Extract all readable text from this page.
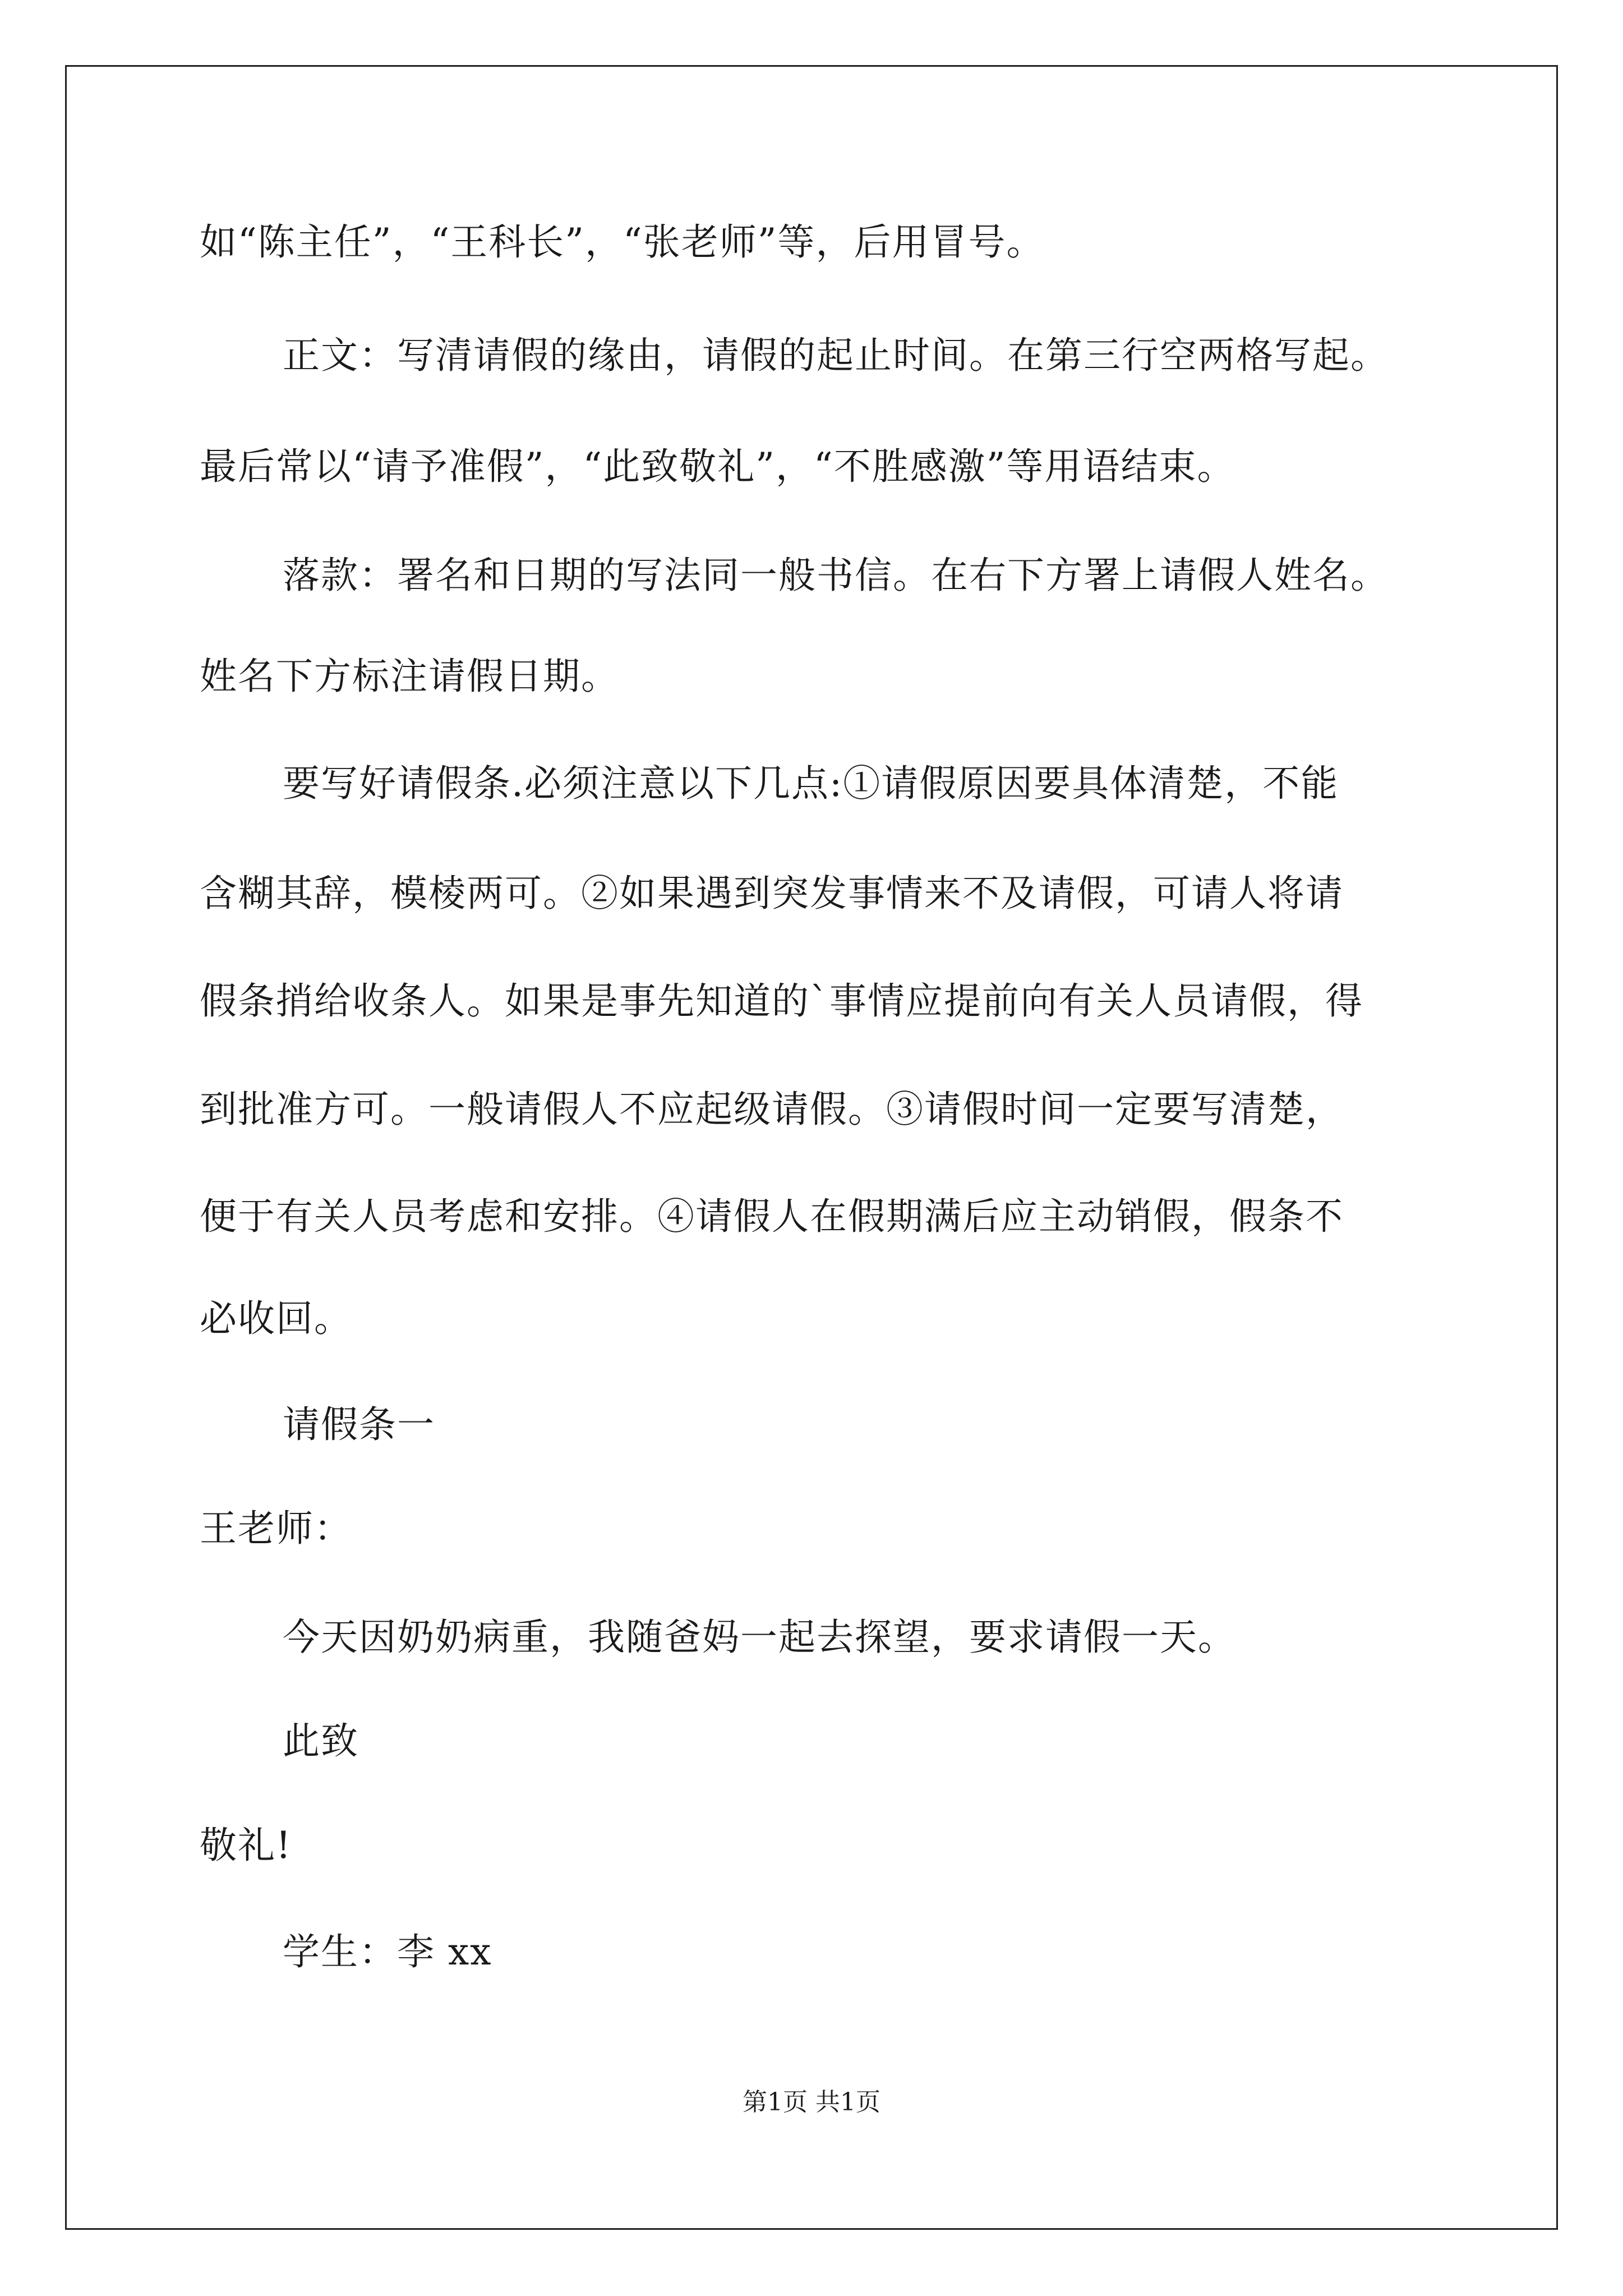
如“陈主任”，“王科长”，“张老师”等，后用冒号。
正文：写清请假的缘由，请假的起止时间。在第三行空两格写起。
最后常以“请予准假”，“此致敬礼”，“不胜感激”等用语结束。
落款：署名和日期的写法同一般书信。在右下方署上请假人姓名。
姓名下方标注请假日期。
要写好请假条.必须注意以下几点:①请假原因要具体清楚，不能
含糊其辞，模棱两可。②如果遇到突发事情来不及请假，可请人将请
假条捎给收条人。如果是事先知道的`事情应提前向有关人员请假，得
到批准方可。一般请假人不应起级请假。③请假时间一定要写清楚，
便于有关人员考虑和安排。④请假人在假期满后应主动销假，假条不
必收回。
请假条一
王老师：
今天因奶奶病重，我随爸妈一起去探望，要求请假一天。
此致
敬礼!
学生：李 xx
第1页 共1页
